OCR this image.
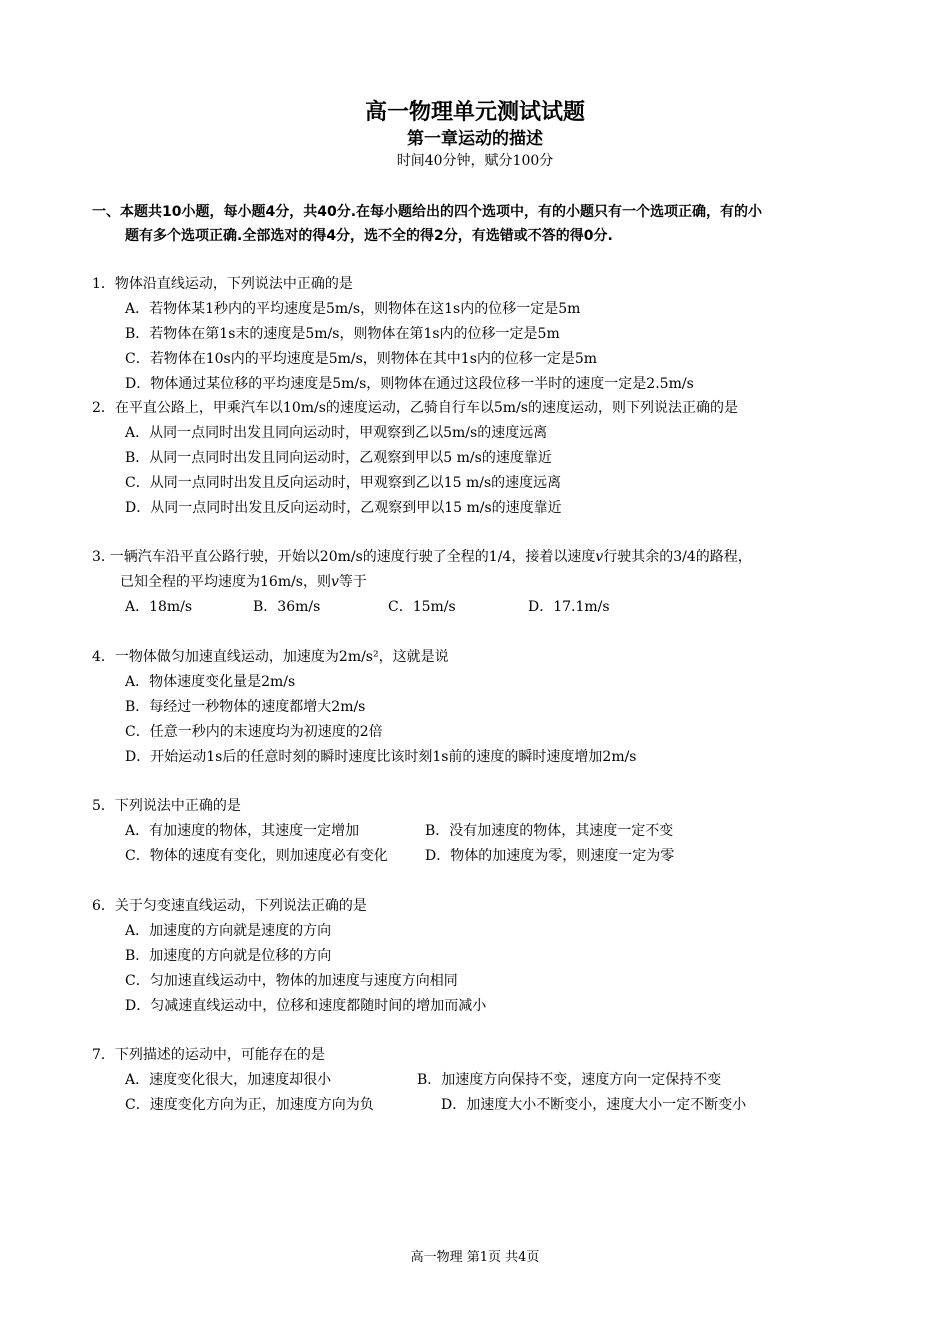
高一物理单元测试试题
第一章运动的描述
时间40分钟，赋分100分
一、本题共10小题，每小题4分，共40分.在每小题给出的四个选项中，有的小题只有一个选项正确，有的小
题有多个选项正确.全部选对的得4分，选不全的得2分，有选错或不答的得0分.
1．物体沿直线运动，下列说法中正确的是
A．若物体某1秒内的平均速度是5m/s，则物体在这1s内的位移一定是5m
B．若物体在第1s末的速度是5m/s，则物体在第1s内的位移一定是5m
C．若物体在10s内的平均速度是5m/s，则物体在其中1s内的位移一定是5m
D．物体通过某位移的平均速度是5m/s，则物体在通过这段位移一半时的速度一定是2.5m/s
2．在平直公路上，甲乘汽车以10m/s的速度运动，乙骑自行车以5m/s的速度运动，则下列说法正确的是
A．从同一点同时出发且同向运动时，甲观察到乙以5m/s的速度远离
B．从同一点同时出发且同向运动时，乙观察到甲以5 m/s的速度靠近
C．从同一点同时出发且反向运动时，甲观察到乙以15 m/s的速度远离
D．从同一点同时出发且反向运动时，乙观察到甲以15 m/s的速度靠近
3. 一辆汽车沿平直公路行驶，开始以20m/s的速度行驶了全程的1/4，接着以速度v行驶其余的3/4的路程，
已知全程的平均速度为16m/s，则v等于
A．18m/s	B．36m/s	C．15m/s	D．17.1m/s
4．一物体做匀加速直线运动，加速度为2m/s²，这就是说
A．物体速度变化量是2m/s
B．每经过一秒物体的速度都增大2m/s
C．任意一秒内的末速度均为初速度的2倍
D．开始运动1s后的任意时刻的瞬时速度比该时刻1s前的速度的瞬时速度增加2m/s
5．下列说法中正确的是
A．有加速度的物体，其速度一定增加	B．没有加速度的物体，其速度一定不变
C．物体的速度有变化，则加速度必有变化	D．物体的加速度为零，则速度一定为零
6．关于匀变速直线运动，下列说法正确的是
A．加速度的方向就是速度的方向
B．加速度的方向就是位移的方向
C．匀加速直线运动中，物体的加速度与速度方向相同
D．匀减速直线运动中，位移和速度都随时间的增加而减小
7．下列描述的运动中，可能存在的是
A．速度变化很大，加速度却很小	B．加速度方向保持不变，速度方向一定保持不变
C．速度变化方向为正，加速度方向为负	D．加速度大小不断变小，速度大小一定不断变小
高一物理 第1页 共4页
